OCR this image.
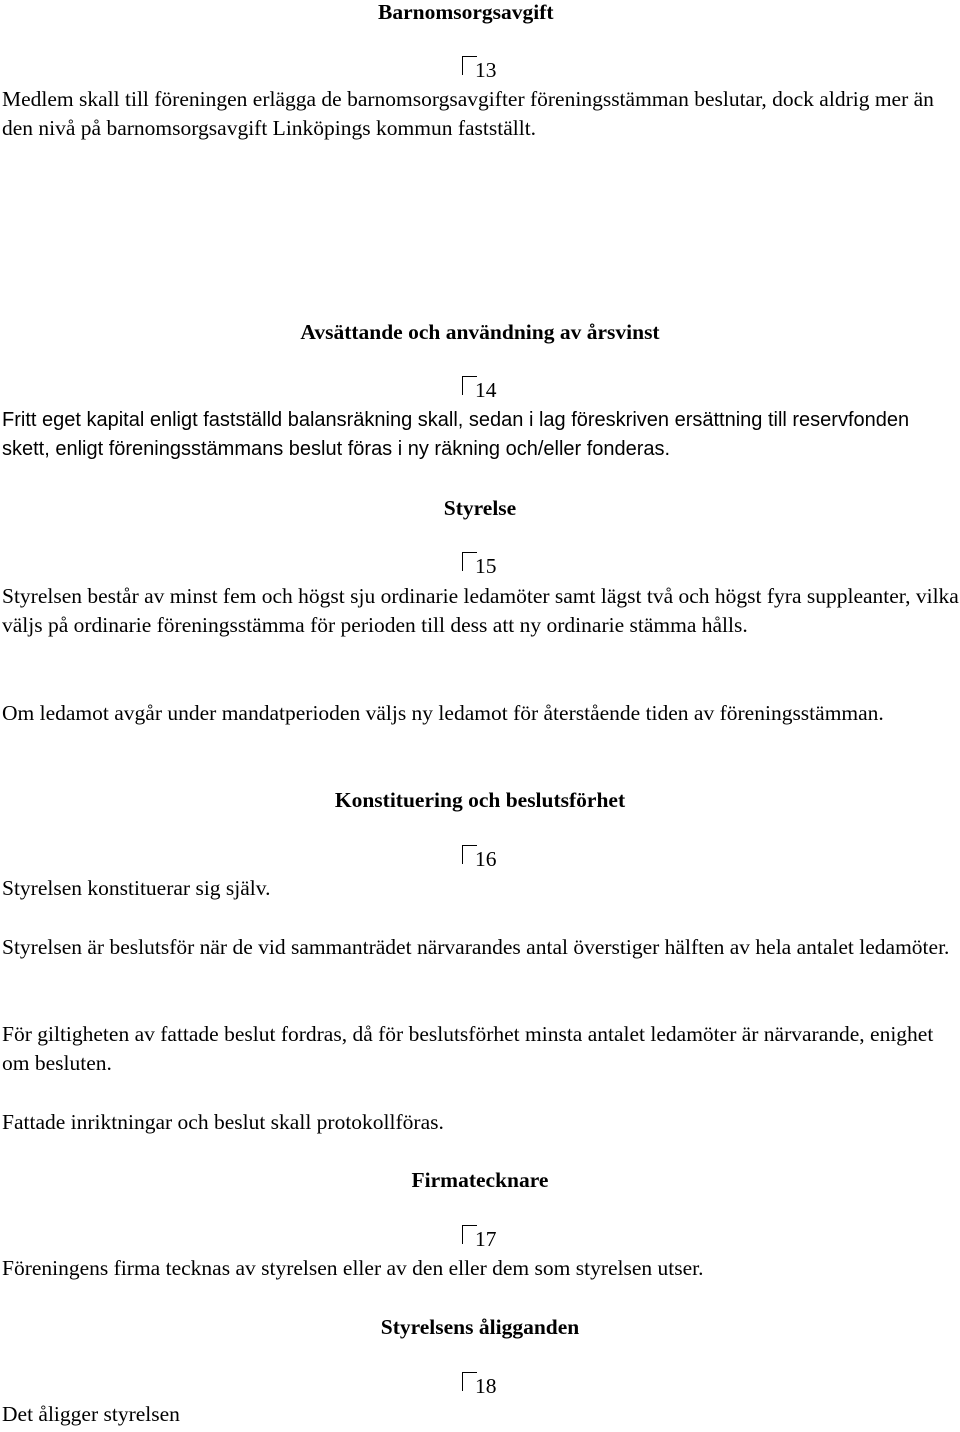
Barnomsorgsavgift
13
Medlem skall till föreningen erlägga de barnomsorgsavgifter föreningsstämman beslutar, dock aldrig mer än den nivå på barnomsorgsavgift Linköpings kommun fastställt.
Avsättande och användning av årsvinst
14
Fritt eget kapital enligt fastställd balansräkning skall, sedan i lag föreskriven ersättning till reservfonden skett, enligt föreningsstämmans beslut föras i ny räkning och/eller fonderas.
Styrelse
15
Styrelsen består av minst fem och högst sju ordinarie ledamöter samt lägst två och högst fyra suppleanter, vilka väljs på ordinarie föreningsstämma för perioden till dess att ny ordinarie stämma hålls.
Om ledamot avgår under mandatperioden väljs ny ledamot för återstående tiden av föreningsstämman.
Konstituering och beslutsförhet
16
Styrelsen konstituerar sig själv.
Styrelsen är beslutsför när de vid sammanträdet närvarandes antal överstiger hälften av hela antalet ledamöter.
För giltigheten av fattade beslut fordras, då för beslutsförhet minsta antalet ledamöter är närvarande, enighet om besluten.
Fattade inriktningar och beslut skall protokollföras.
Firmatecknare
17
Föreningens firma tecknas av styrelsen eller av den eller dem som styrelsen utser.
Styrelsens åligganden
18
Det åligger styrelsen
